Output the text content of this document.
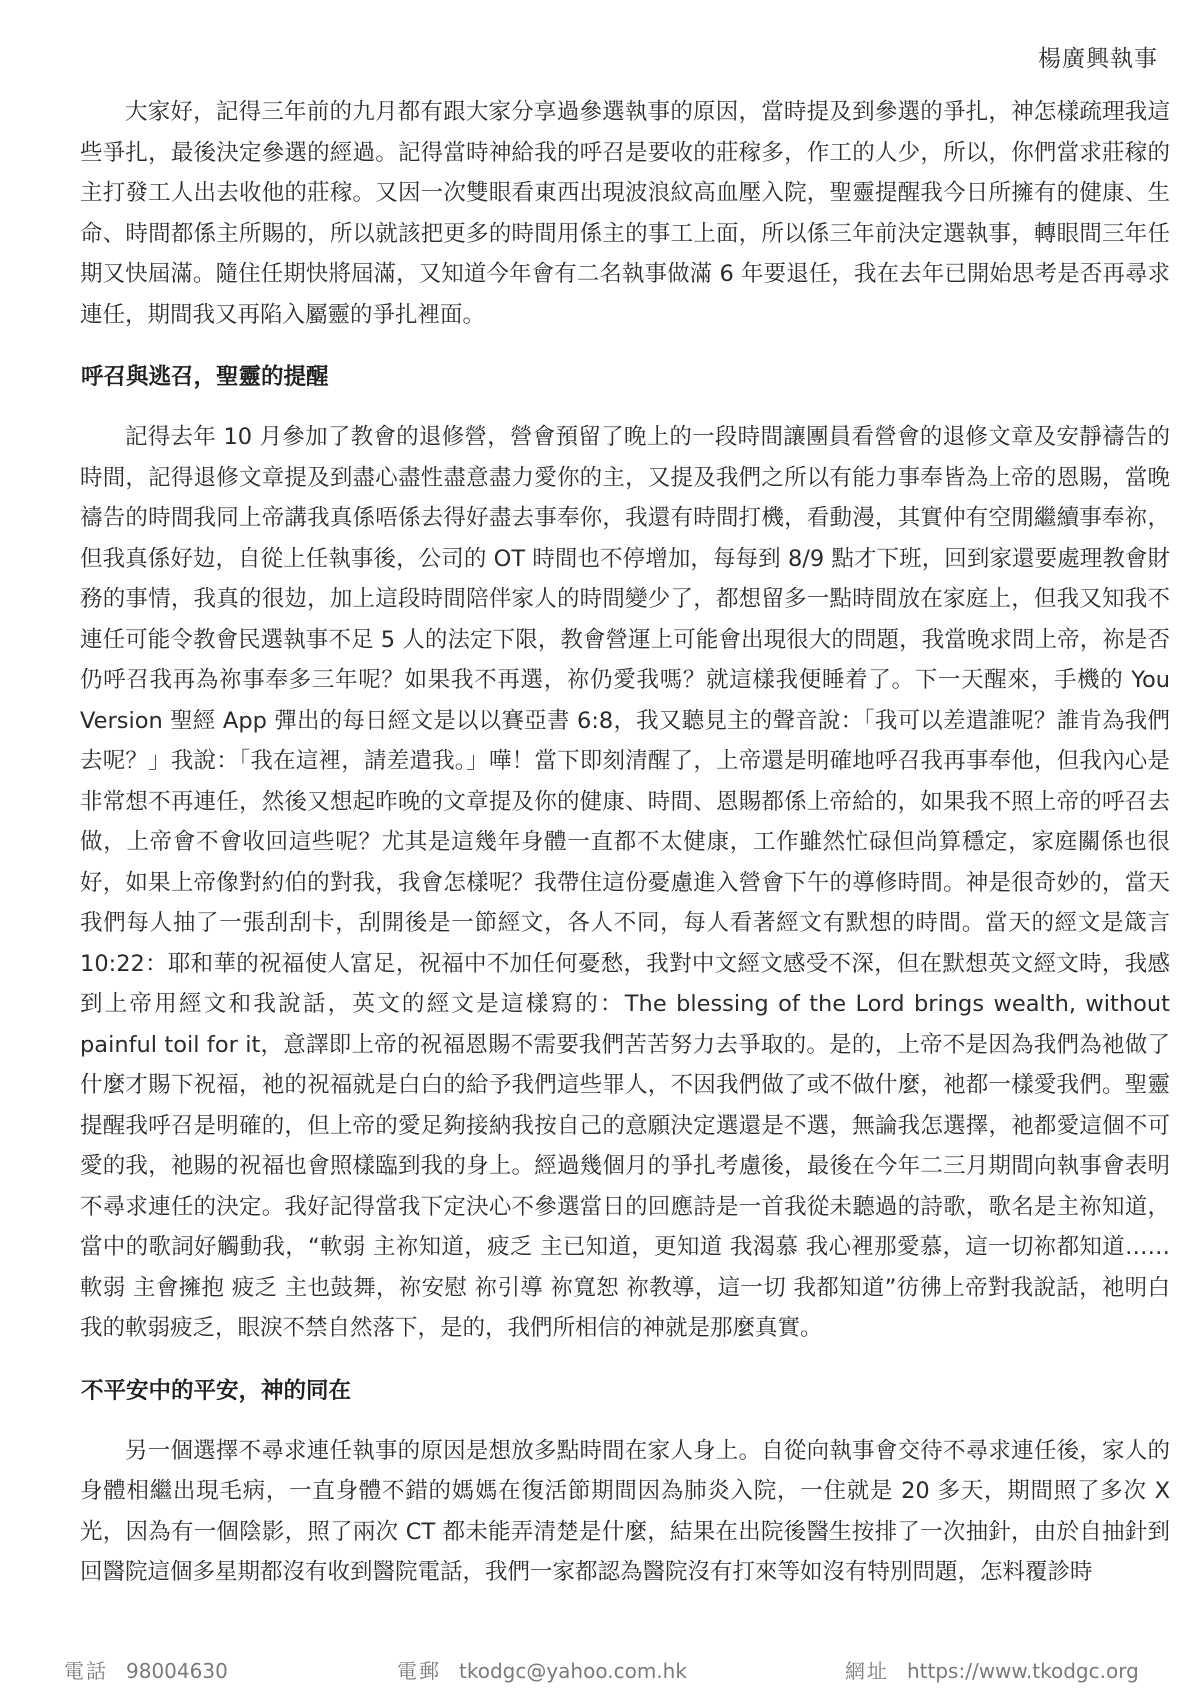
楊廣興執事

大家好，記得三年前的九月都有跟大家分享過參選執事的原因，當時提及到參選的爭扎，神怎樣疏理我這些爭扎，最後決定參選的經過。記得當時神給我的呼召是要收的莊稼多，作工的人少，所以，你們當求莊稼的主打發工人出去收他的莊稼。又因一次雙眼看東西出現波浪紋高血壓入院，聖靈提醒我今日所擁有的健康、生命、時間都係主所賜的，所以就該把更多的時間用係主的事工上面，所以係三年前決定選執事，轉眼間三年任期又快屆滿。隨住任期快將屆滿，又知道今年會有二名執事做滿 6 年要退任，我在去年已開始思考是否再尋求連任，期間我又再陷入屬靈的爭扎裡面。

呼召與逃召，聖靈的提醒

記得去年 10 月參加了教會的退修營，營會預留了晚上的一段時間讓團員看營會的退修文章及安靜禱告的時間，記得退修文章提及到盡心盡性盡意盡力愛你的主，又提及我們之所以有能力事奉皆為上帝的恩賜，當晚禱告的時間我同上帝講我真係唔係去得好盡去事奉你，我還有時間打機，看動漫，其實仲有空閒繼續事奉祢，但我真係好攰，自從上任執事後，公司的 OT 時間也不停增加，每每到 8/9 點才下班，回到家還要處理教會財務的事情，我真的很攰，加上這段時間陪伴家人的時間變少了，都想留多一點時間放在家庭上，但我又知我不連任可能令教會民選執事不足 5 人的法定下限，教會營運上可能會出現很大的問題，我當晚求問上帝，祢是否仍呼召我再為祢事奉多三年呢？如果我不再選，祢仍愛我嗎？就這樣我便睡着了。下一天醒來，手機的 You Version 聖經 App 彈出的每日經文是以以賽亞書 6:8，我又聽見主的聲音說：「我可以差遣誰呢？誰肯為我們去呢？」我說：「我在這裡，請差遣我。」嘩！當下即刻清醒了，上帝還是明確地呼召我再事奉他，但我內心是非常想不再連任，然後又想起昨晚的文章提及你的健康、時間、恩賜都係上帝給的，如果我不照上帝的呼召去做，上帝會不會收回這些呢？尤其是這幾年身體一直都不太健康，工作雖然忙碌但尚算穩定，家庭關係也很好，如果上帝像對約伯的對我，我會怎樣呢？我帶住這份憂慮進入營會下午的導修時間。神是很奇妙的，當天我們每人抽了一張刮刮卡，刮開後是一節經文，各人不同，每人看著經文有默想的時間。當天的經文是箴言 10:22：耶和華的祝福使人富足，祝福中不加任何憂愁，我對中文經文感受不深，但在默想英文經文時，我感到上帝用經文和我說話，英文的經文是這樣寫的：The blessing of the Lord brings wealth, without painful toil for it，意譯即上帝的祝福恩賜不需要我們苦苦努力去爭取的。是的，上帝不是因為我們為祂做了什麼才賜下祝福，祂的祝福就是白白的給予我們這些罪人，不因我們做了或不做什麼，祂都一樣愛我們。聖靈提醒我呼召是明確的，但上帝的愛足夠接納我按自己的意願決定選還是不選，無論我怎選擇，祂都愛這個不可愛的我，祂賜的祝福也會照樣臨到我的身上。經過幾個月的爭扎考慮後，最後在今年二三月期間向執事會表明不尋求連任的決定。我好記得當我下定決心不參選當日的回應詩是一首我從未聽過的詩歌，歌名是主祢知道，當中的歌詞好觸動我，“軟弱 主祢知道，疲乏 主已知道，更知道 我渴慕 我心裡那愛慕，這一切祢都知道……軟弱 主會擁抱 疲乏 主也鼓舞，祢安慰 祢引導 祢寬恕 祢教導，這一切 我都知道”彷彿上帝對我說話，祂明白我的軟弱疲乏，眼淚不禁自然落下，是的，我們所相信的神就是那麼真實。

不平安中的平安，神的同在

另一個選擇不尋求連任執事的原因是想放多點時間在家人身上。自從向執事會交待不尋求連任後，家人的身體相繼出現毛病，一直身體不錯的媽媽在復活節期間因為肺炎入院，一住就是 20 多天，期間照了多次 X 光，因為有一個陰影，照了兩次 CT 都未能弄清楚是什麼，結果在出院後醫生按排了一次抽針，由於自抽針到回醫院這個多星期都沒有收到醫院電話，我們一家都認為醫院沒有打來等如沒有特別問題，怎料覆診時

電話 98004630	電郵 tkodgc@yahoo.com.hk	網址 https://www.tkodgc.org
